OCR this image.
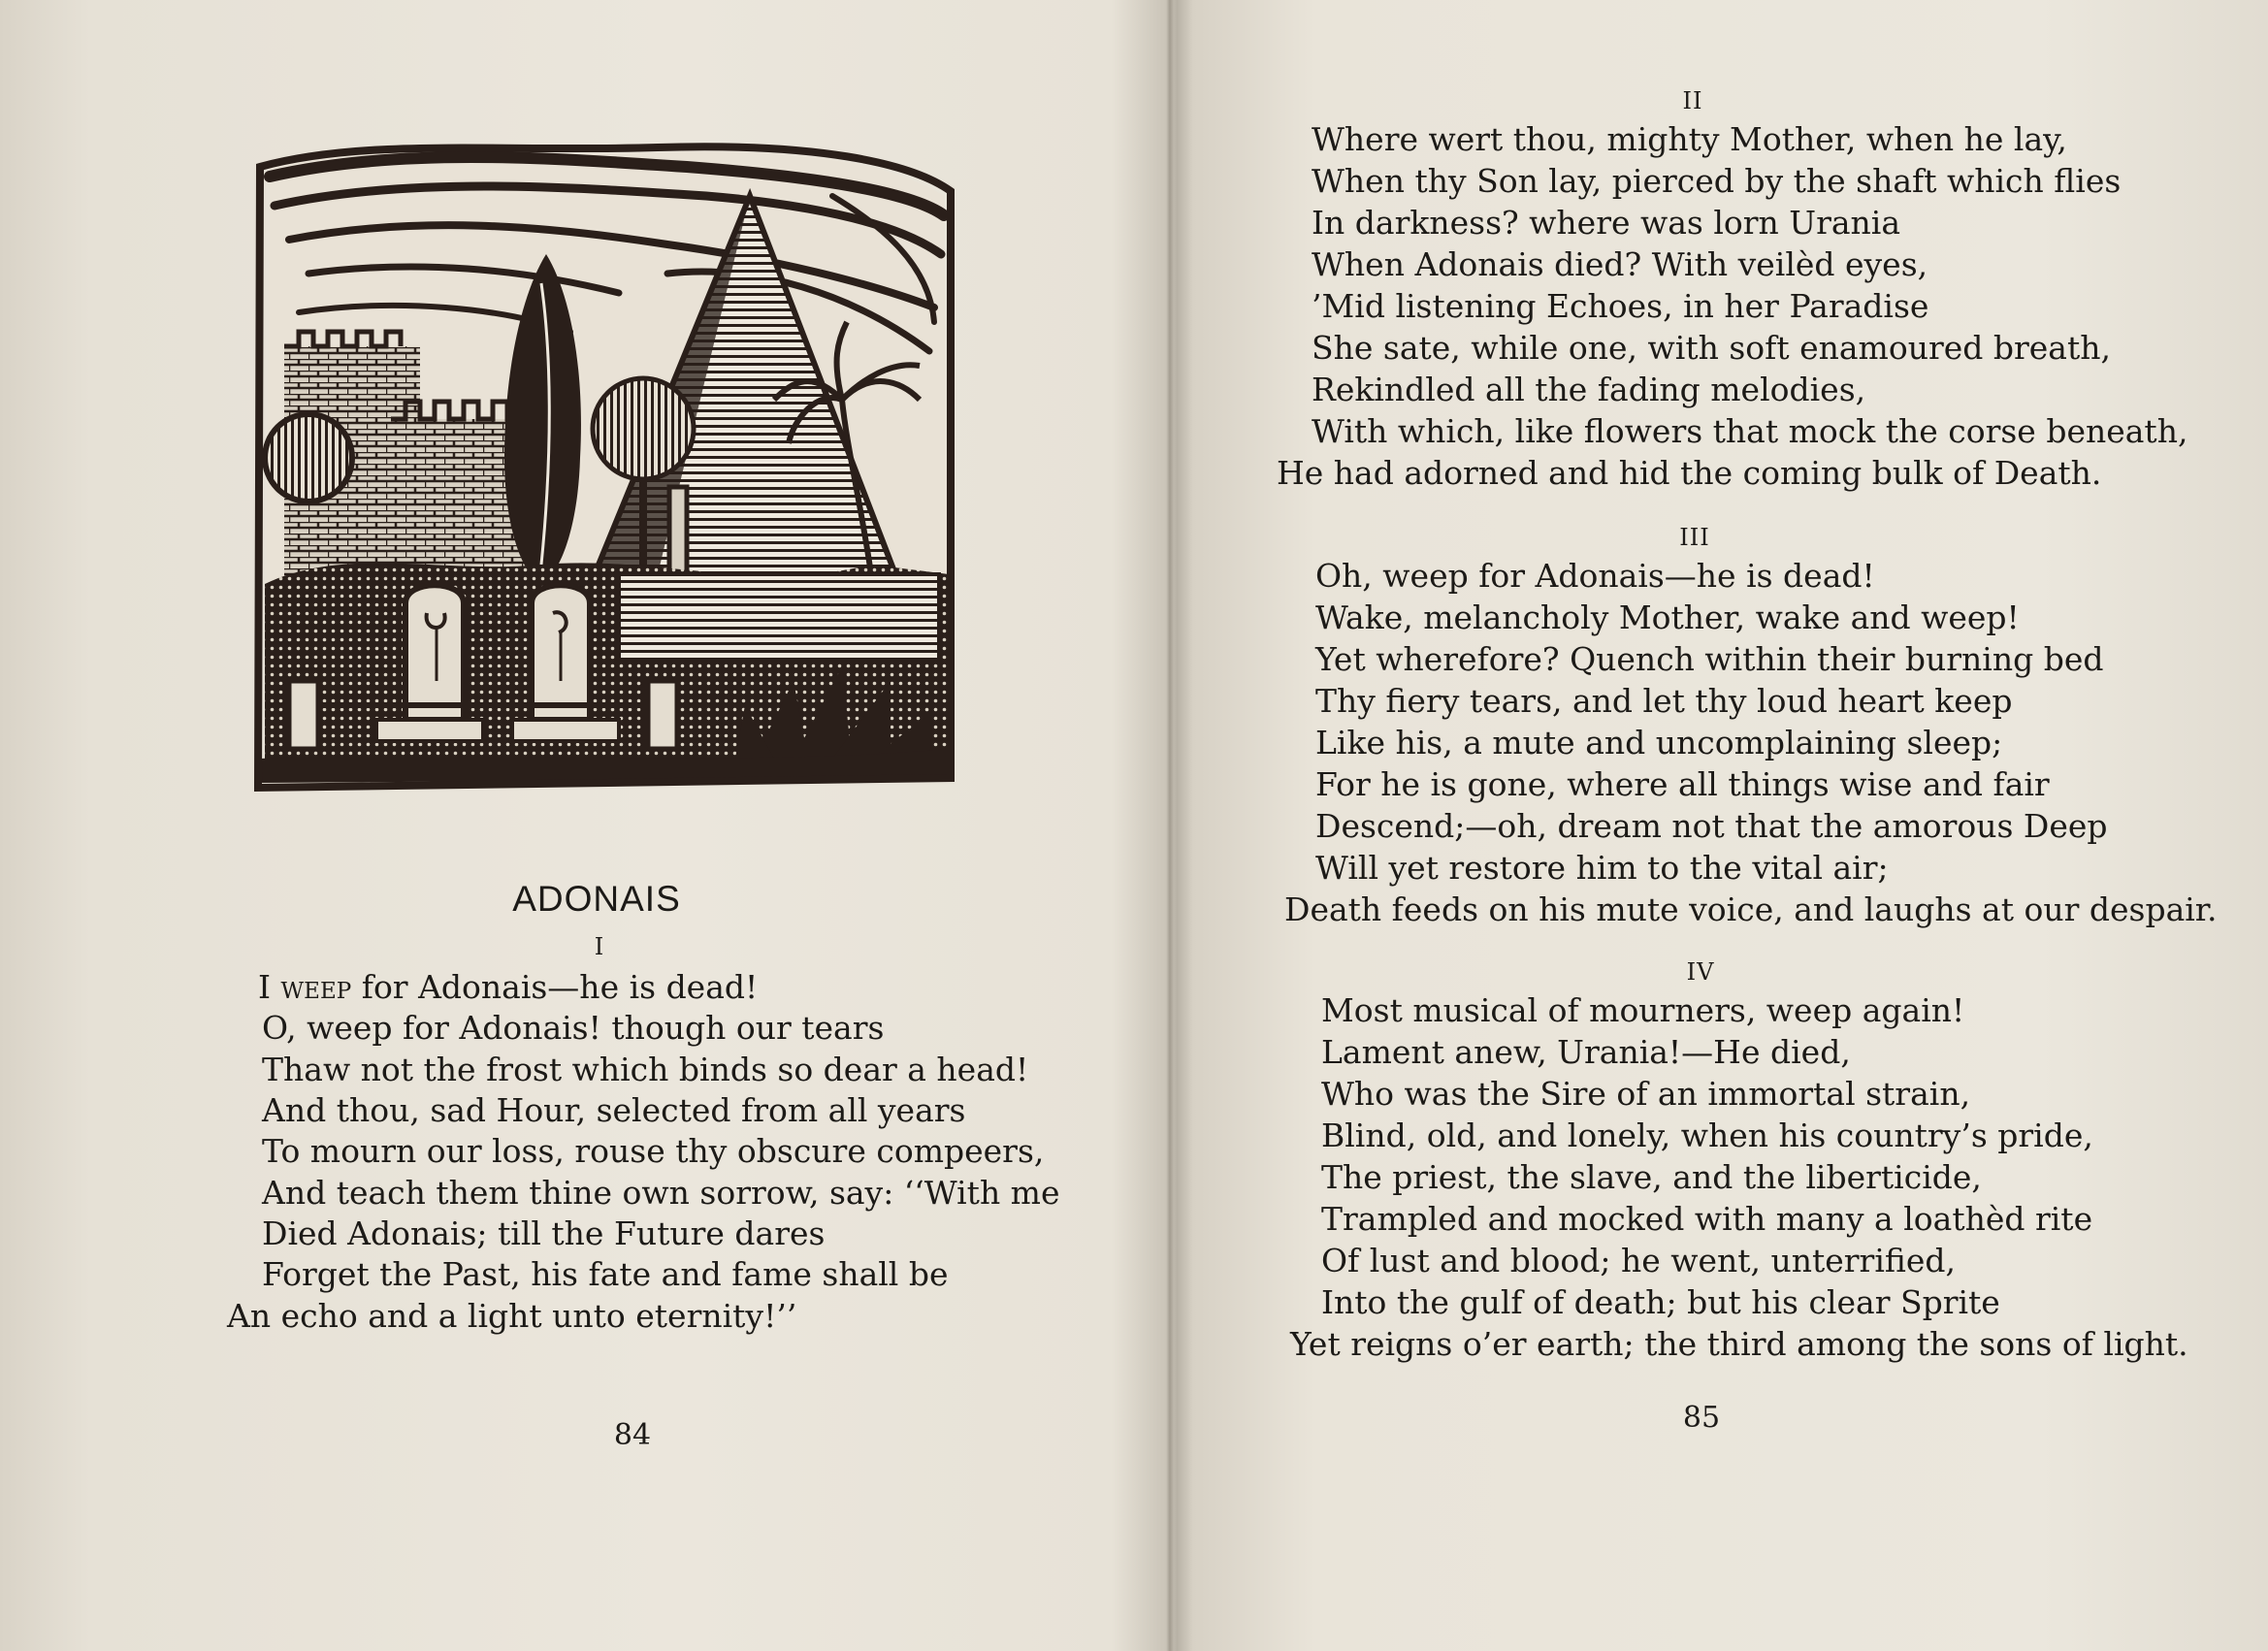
ADONAIS
I
I weep for Adonais—he is dead!
O, weep for Adonais! though our tears
Thaw not the frost which binds so dear a head!
And thou, sad Hour, selected from all years
To mourn our loss, rouse thy obscure compeers,
And teach them thine own sorrow, say: ‘‘With me
Died Adonais; till the Future dares
Forget the Past, his fate and fame shall be
An echo and a light unto eternity!’’
84
II
Where wert thou, mighty Mother, when he lay,
When thy Son lay, pierced by the shaft which flies
In darkness? where was lorn Urania
When Adonais died? With veilèd eyes,
’Mid listening Echoes, in her Paradise
She sate, while one, with soft enamoured breath,
Rekindled all the fading melodies,
With which, like flowers that mock the corse beneath,
He had adorned and hid the coming bulk of Death.
III
Oh, weep for Adonais—he is dead!
Wake, melancholy Mother, wake and weep!
Yet wherefore? Quench within their burning bed
Thy fiery tears, and let thy loud heart keep
Like his, a mute and uncomplaining sleep;
For he is gone, where all things wise and fair
Descend;—oh, dream not that the amorous Deep
Will yet restore him to the vital air;
Death feeds on his mute voice, and laughs at our despair.
IV
Most musical of mourners, weep again!
Lament anew, Urania!—He died,
Who was the Sire of an immortal strain,
Blind, old, and lonely, when his country’s pride,
The priest, the slave, and the liberticide,
Trampled and mocked with many a loathèd rite
Of lust and blood; he went, unterrified,
Into the gulf of death; but his clear Sprite
Yet reigns o’er earth; the third among the sons of light.
85
